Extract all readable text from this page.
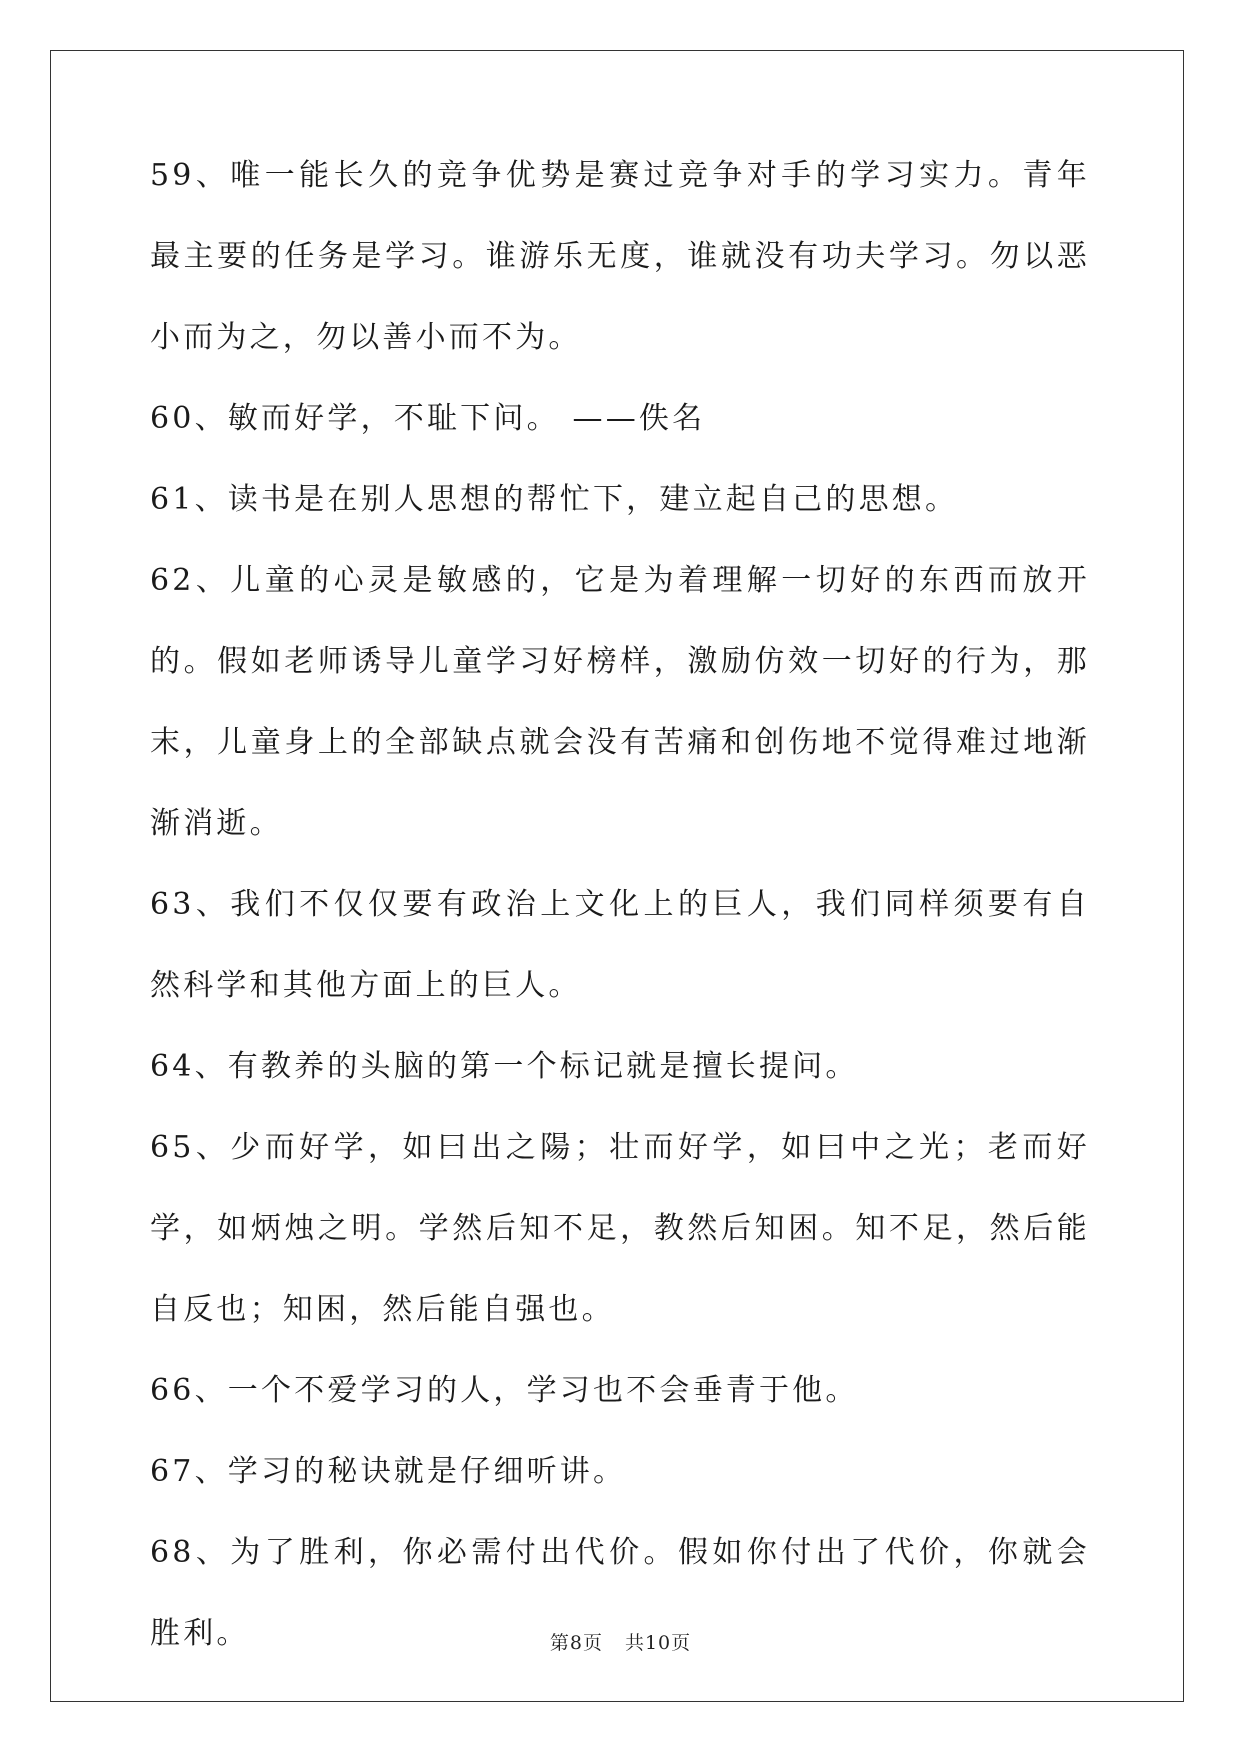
59、唯一能长久的竞争优势是赛过竞争对手的学习实力。青年最主要的任务是学习。谁游乐无度，谁就没有功夫学习。勿以恶小而为之，勿以善小而不为。

60、敏而好学，不耻下问。 ——佚名

61、读书是在别人思想的帮忙下，建立起自己的思想。

62、儿童的心灵是敏感的，它是为着理解一切好的东西而放开的。假如老师诱导儿童学习好榜样，激励仿效一切好的行为，那末，儿童身上的全部缺点就会没有苦痛和创伤地不觉得难过地渐渐消逝。

63、我们不仅仅要有政治上文化上的巨人，我们同样须要有自然科学和其他方面上的巨人。

64、有教养的头脑的第一个标记就是擅长提问。

65、少而好学，如曰出之陽；壮而好学，如曰中之光；老而好学，如炳烛之明。学然后知不足，教然后知困。知不足，然后能自反也；知困，然后能自强也。

66、一个不爱学习的人，学习也不会垂青于他。

67、学习的秘诀就是仔细听讲。

68、为了胜利，你必需付出代价。假如你付出了代价，你就会胜利。	第8页 共10页
